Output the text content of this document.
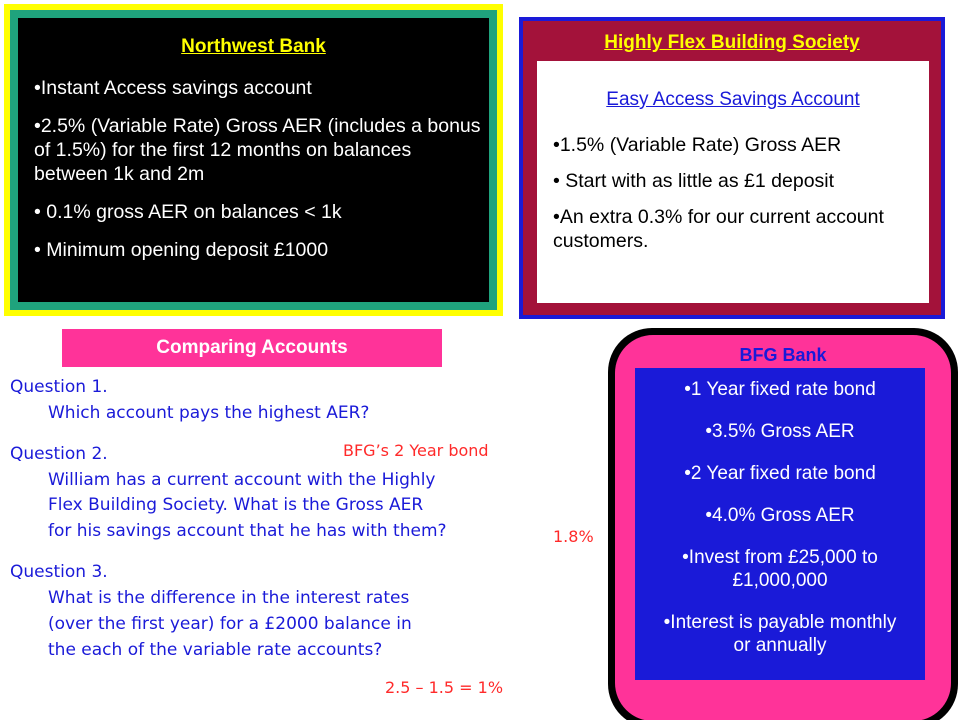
Northwest Bank

•Instant Access savings account

•2.5% (Variable Rate) Gross AER (includes a bonus of 1.5%) for the first 12 months on balances between 1k and 2m

• 0.1% gross AER on balances < 1k

• Minimum opening deposit £1000

Highly Flex Building Society
Easy Access Savings Account

•1.5% (Variable Rate) Gross AER

• Start with as little as £1 deposit

•An extra 0.3% for our current account customers.

Comparing Accounts
Question 1.
Which account pays the highest AER?
BFG’s 2 Year bond
Question 2.
William has a current account with the Highly
Flex Building Society. What is the Gross AER
for his savings account that he has with them?	1.8%
Question 3.
What is the difference in the interest rates
(over the first year) for a £2000 balance in
the each of the variable rate accounts?
2.5 – 1.5 = 1%
BFG Bank

•1 Year fixed rate bond

•3.5% Gross AER

•2 Year fixed rate bond

•4.0% Gross AER

•Invest from £25,000 to £1,000,000

•Interest is payable monthly or annually
